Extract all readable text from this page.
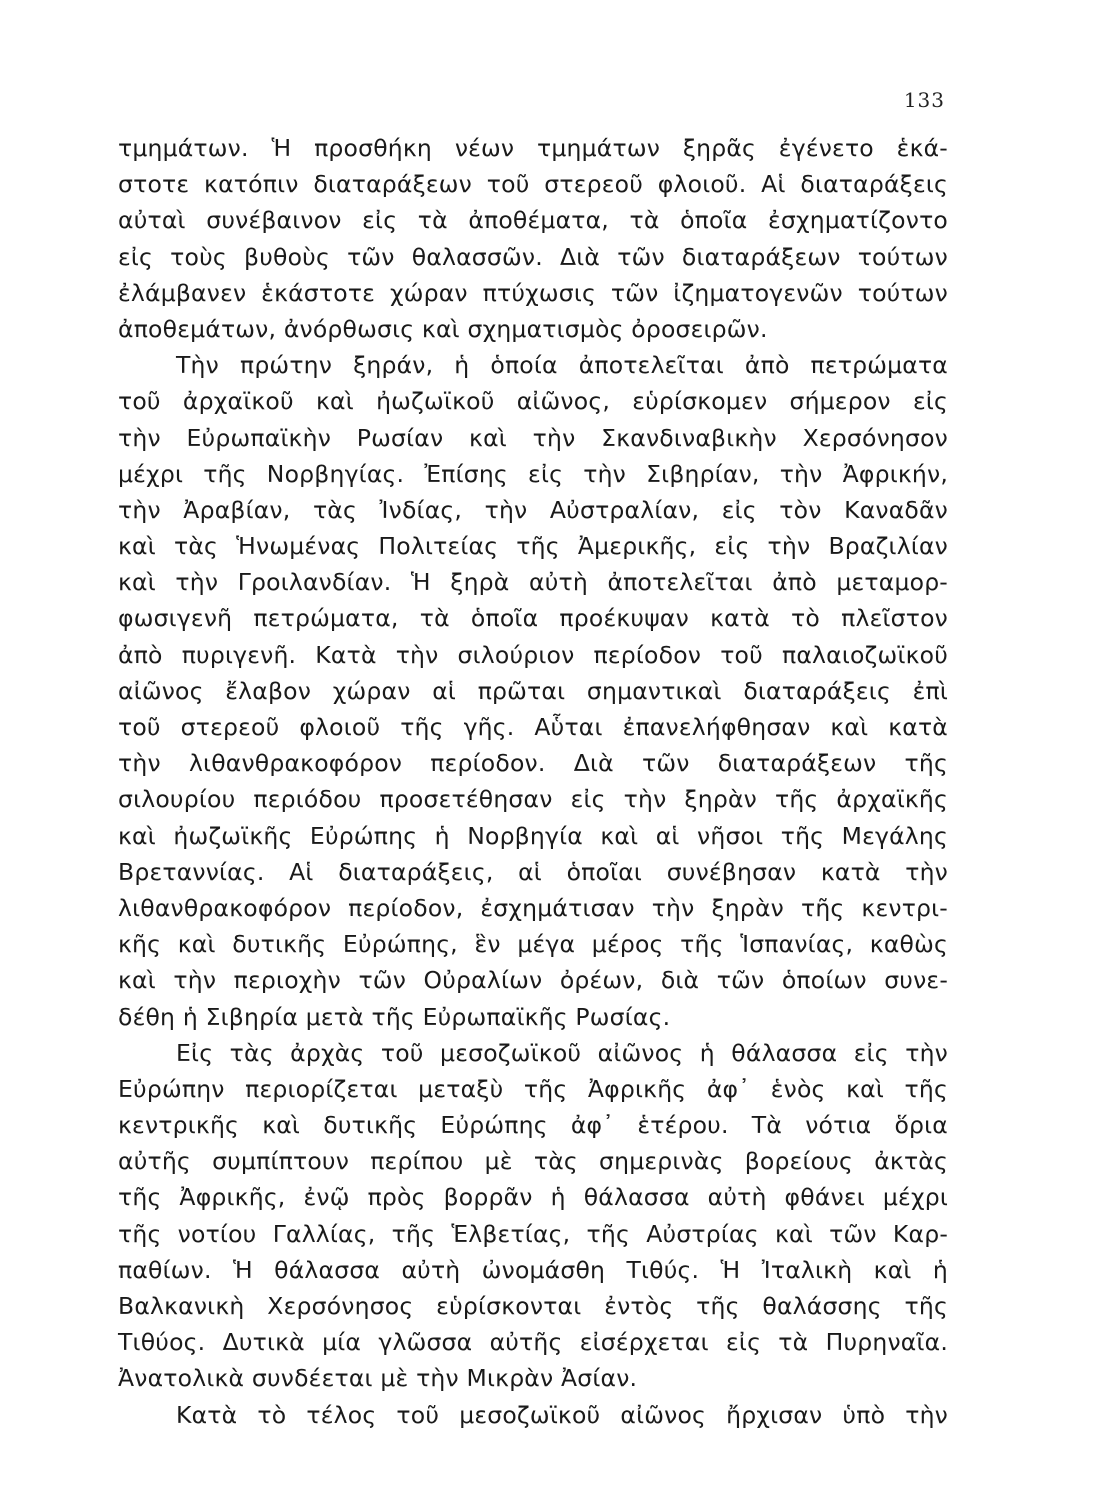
133
τμημάτων. Ἡ προσθήκη νέων τμημάτων ξηρᾶς ἐγένετο ἑκά-
στοτε κατόπιν διαταράξεων τοῦ στερεοῦ φλοιοῦ. Αἱ διαταράξεις
αὐταὶ συνέβαινον εἰς τὰ ἀποθέματα, τὰ ὁποῖα ἐσχηματίζοντο
εἰς τοὺς βυθοὺς τῶν θαλασσῶν. Διὰ τῶν διαταράξεων τούτων
ἐλάμβανεν ἑκάστοτε χώραν πτύχωσις τῶν ἰζηματογενῶν τούτων
ἀποθεμάτων, ἀνόρθωσις καὶ σχηματισμὸς ὀροσειρῶν.
Τὴν πρώτην ξηράν, ἡ ὁποία ἀποτελεῖται ἀπὸ πετρώματα
τοῦ ἀρχαϊκοῦ καὶ ἠωζωϊκοῦ αἰῶνος, εὑρίσκομεν σήμερον εἰς
τὴν Εὐρωπαϊκὴν Ρωσίαν καὶ τὴν Σκανδιναβικὴν Χερσόνησον
μέχρι τῆς Νορβηγίας. Ἐπίσης εἰς τὴν Σιβηρίαν, τὴν Ἀφρικήν,
τὴν Ἀραβίαν, τὰς Ἰνδίας, τὴν Αὐστραλίαν, εἰς τὸν Καναδᾶν
καὶ τὰς Ἡνωμένας Πολιτείας τῆς Ἀμερικῆς, εἰς τὴν Βραζιλίαν
καὶ τὴν Γροιλανδίαν. Ἡ ξηρὰ αὐτὴ ἀποτελεῖται ἀπὸ μεταμορ-
φωσιγενῆ πετρώματα, τὰ ὁποῖα προέκυψαν κατὰ τὸ πλεῖστον
ἀπὸ πυριγενῆ. Κατὰ τὴν σιλούριον περίοδον τοῦ παλαιοζωϊκοῦ
αἰῶνος ἔλαβον χώραν αἱ πρῶται σημαντικαὶ διαταράξεις ἐπὶ
τοῦ στερεοῦ φλοιοῦ τῆς γῆς. Αὗται ἐπανελήφθησαν καὶ κατὰ
τὴν λιθανθρακοφόρον περίοδον. Διὰ τῶν διαταράξεων τῆς
σιλουρίου περιόδου προσετέθησαν εἰς τὴν ξηρὰν τῆς ἀρχαϊκῆς
καὶ ἠωζωϊκῆς Εὐρώπης ἡ Νορβηγία καὶ αἱ νῆσοι τῆς Μεγάλης
Βρεταννίας. Αἱ διαταράξεις, αἱ ὁποῖαι συνέβησαν κατὰ τὴν
λιθανθρακοφόρον περίοδον, ἐσχημάτισαν τὴν ξηρὰν τῆς κεντρι-
κῆς καὶ δυτικῆς Εὐρώπης, ἓν μέγα μέρος τῆς Ἱσπανίας, καθὼς
καὶ τὴν περιοχὴν τῶν Οὐραλίων ὀρέων, διὰ τῶν ὁποίων συνε-
δέθη ἡ Σιβηρία μετὰ τῆς Εὐρωπαϊκῆς Ρωσίας.
Εἰς τὰς ἀρχὰς τοῦ μεσοζωϊκοῦ αἰῶνος ἡ θάλασσα εἰς τὴν
Εὐρώπην περιορίζεται μεταξὺ τῆς Ἀφρικῆς ἀφ᾽ ἑνὸς καὶ τῆς
κεντρικῆς καὶ δυτικῆς Εὐρώπης ἀφ᾽ ἑτέρου. Τὰ νότια ὅρια
αὐτῆς συμπίπτουν περίπου μὲ τὰς σημερινὰς βορείους ἀκτὰς
τῆς Ἀφρικῆς, ἐνῷ πρὸς βορρᾶν ἡ θάλασσα αὐτὴ φθάνει μέχρι
τῆς νοτίου Γαλλίας, τῆς Ἑλβετίας, τῆς Αὐστρίας καὶ τῶν Καρ-
παθίων. Ἡ θάλασσα αὐτὴ ὠνομάσθη Τιθύς. Ἡ Ἰταλικὴ καὶ ἡ
Βαλκανικὴ Χερσόνησος εὑρίσκονται ἐντὸς τῆς θαλάσσης τῆς
Τιθύος. Δυτικὰ μία γλῶσσα αὐτῆς εἰσέρχεται εἰς τὰ Πυρηναῖα.
Ἀνατολικὰ συνδέεται μὲ τὴν Μικρὰν Ἀσίαν.
Κατὰ τὸ τέλος τοῦ μεσοζωϊκοῦ αἰῶνος ἤρχισαν ὑπὸ τὴν
